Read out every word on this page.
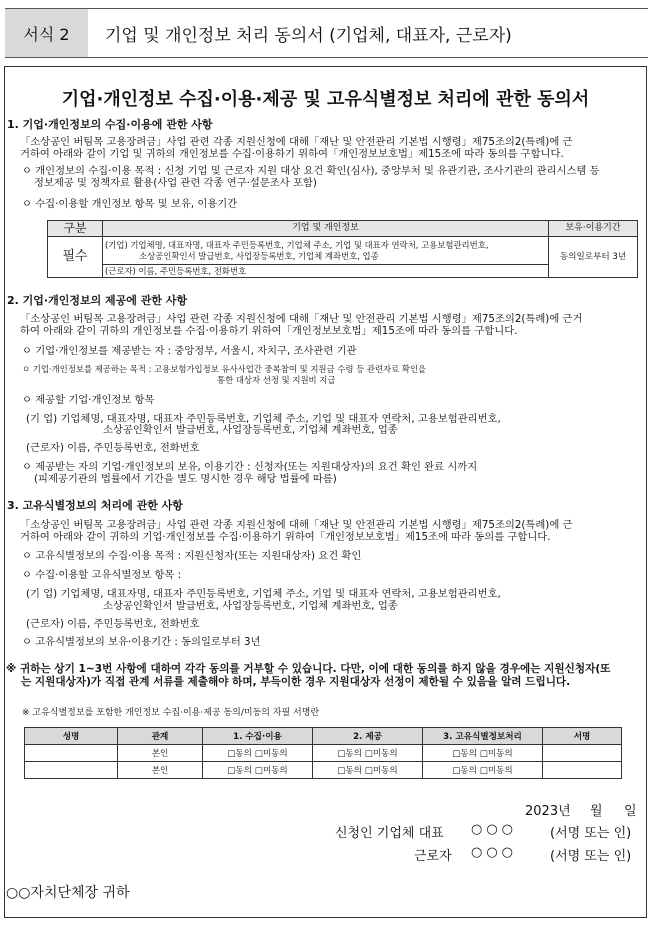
서식 2	기업 및 개인정보 처리 동의서 (기업체, 대표자, 근로자)
기업·개인정보 수집·이용·제공 및 고유식별정보 처리에 관한 동의서
1. 기업·개인정보의 수집·이용에 관한 사항
「소상공인 버팀목 고용장려금」사업 관련 각종 지원신청에 대해「재난 및 안전관리 기본법 시행령」제75조의2(특례)에 근
거하여 아래와 같이 기업 및 귀하의 개인정보를 수집·이용하기 위하여「개인정보보호법」제15조에 따라 동의를 구합니다.
ㅇ 개인정보의 수집·이용 목적 : 신청 기업 및 근로자 지원 대상 요건 확인(심사), 중앙부처 및 유관기관, 조사기관의 관리시스템 등
정보제공 및 정책자료 활용(사업 관련 각종 연구·설문조사 포함)
ㅇ 수집·이용할 개인정보 항목 및 보유, 이용기간
구분	기업 및 개인정보	보유·이용기간
필수	(기업) 기업체명, 대표자명, 대표자 주민등록번호, 기업체 주소, 기업 및 대표자 연락처, 고용보험관리번호,
소상공인확인서 발급번호, 사업장등록번호, 기업체 계좌번호, 업종	동의일로부터 3년
	(근로자) 이름, 주민등록번호, 전화번호	
2. 기업·개인정보의 제공에 관한 사항
「소상공인 버팀목 고용장려금」사업 관련 각종 지원신청에 대해「재난 및 안전관리 기본법 시행령」제75조의2(특례)에 근거
하여 아래와 같이 귀하의 개인정보를 수집·이용하기 위하여「개인정보보호법」제15조에 따라 동의를 구합니다.
ㅇ 기업·개인정보를 제공받는 자 : 중앙정부, 서울시, 자치구, 조사관련 기관
ㅇ 기업·개인정보를 제공하는 목적 : 고용보험가입정보 유사사업간 중복참여 및 지원금 수령 등 관련자료 확인을
통한 대상자 선정 및 지원비 지급
ㅇ 제공할 기업·개인정보 항목
(기 업) 기업체명, 대표자명, 대표자 주민등록번호, 기업체 주소, 기업 및 대표자 연락처, 고용보험관리번호,
소상공인확인서 발급번호, 사업장등록번호, 기업체 계좌번호, 업종
(근로자) 이름, 주민등록번호, 전화번호
ㅇ 제공받는 자의 기업·개인정보의 보유, 이용기간 : 신청자(또는 지원대상자)의 요건 확인 완료 시까지
(피제공기관의 법률에서 기간을 별도 명시한 경우 해당 법률에 따름)
3. 고유식별정보의 처리에 관한 사항
「소상공인 버팀목 고용장려금」사업 관련 각종 지원신청에 대해「재난 및 안전관리 기본법 시행령」제75조의2(특례)에 근
거하여 아래와 같이 귀하의 기업·개인정보를 수집·이용하기 위하여「개인정보보호법」제15조에 따라 동의를 구합니다.
ㅇ 고유식별정보의 수집·이용 목적 : 지원신청자(또는 지원대상자) 요건 확인
ㅇ 수집·이용할 고유식별정보 항목 :
(기 업) 기업체명, 대표자명, 대표자 주민등록번호, 기업체 주소, 기업 및 대표자 연락처, 고용보험관리번호,
소상공인확인서 발급번호, 사업장등록번호, 기업체 계좌번호, 업종
(근로자) 이름, 주민등록번호, 전화번호
ㅇ 고유식별정보의 보유·이용기간 : 동의일로부터 3년
※ 귀하는 상기 1~3번 사항에 대하여 각각 동의를 거부할 수 있습니다. 다만, 이에 대한 동의를 하지 않을 경우에는 지원신청자(또
는 지원대상자)가 직접 관계 서류를 제출해야 하며, 부득이한 경우 지원대상자 선정이 제한될 수 있음을 알려 드립니다.
※ 고유식별정보를 포함한 개인정보 수집·이용·제공 동의/미동의 자필 서명란
성명	관계	1. 수집·이용	2. 제공	3. 고유식별정보처리	서명
	본인	□동의 □미동의	□동의 □미동의	□동의 □미동의	
	본인	□동의 □미동의	□동의 □미동의	□동의 □미동의	
2023년 월 일
신청인 기업체 대표 ○○○	(서명 또는 인)
근로자 ○○○	(서명 또는 인)
○○자치단체장 귀하
